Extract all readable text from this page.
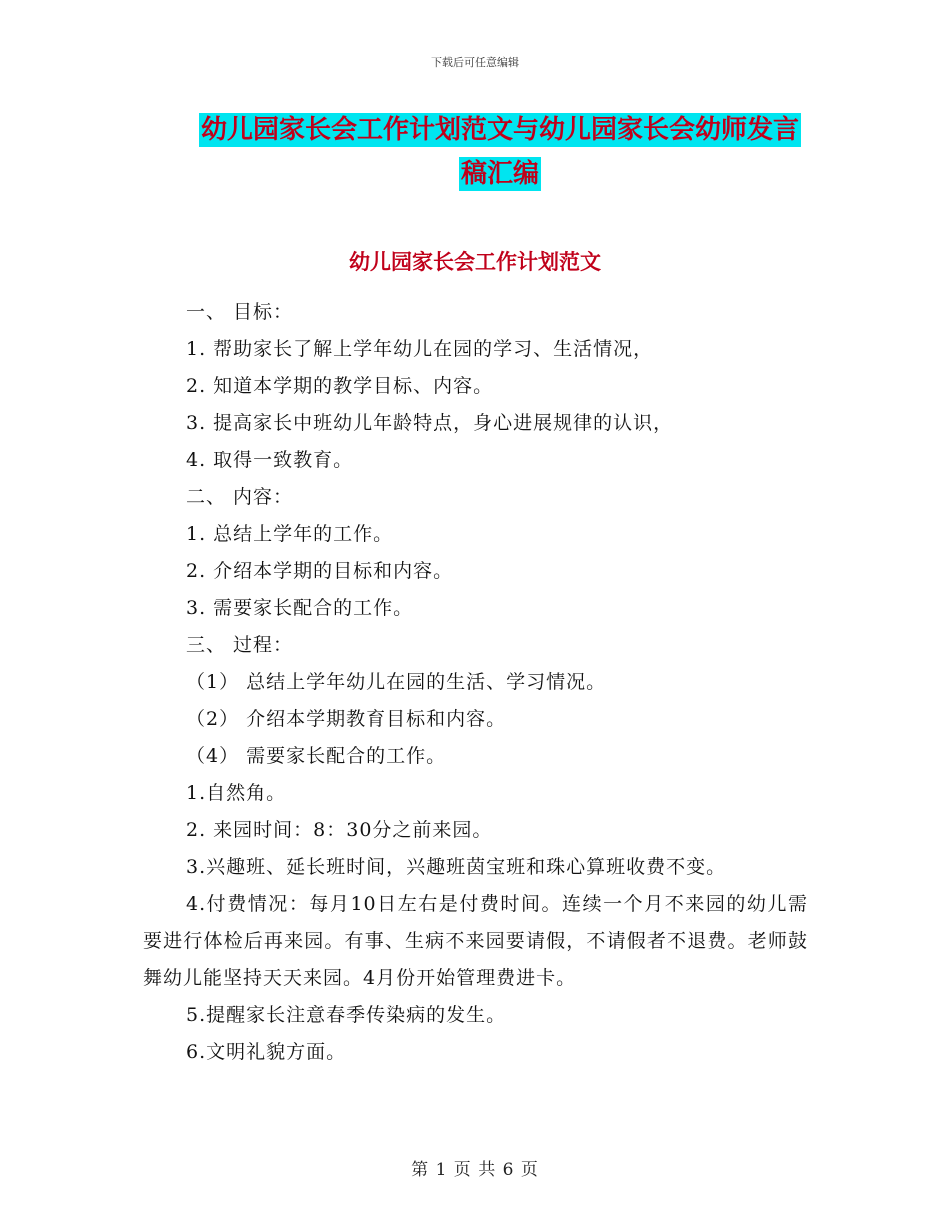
下载后可任意编辑
幼儿园家长会工作计划范文与幼儿园家长会幼师发言稿汇编
幼儿园家长会工作计划范文

一、 目标：

1. 帮助家长了解上学年幼儿在园的学习、生活情况，

2. 知道本学期的教学目标、内容。

3. 提高家长中班幼儿年龄特点，身心进展规律的认识，

4. 取得一致教育。

二、 内容：

1. 总结上学年的工作。

2. 介绍本学期的目标和内容。

3. 需要家长配合的工作。

三、 过程：

（1） 总结上学年幼儿在园的生活、学习情况。

（2） 介绍本学期教育目标和内容。

（4） 需要家长配合的工作。

1.自然角。

2. 来园时间：8：30分之前来园。

3.兴趣班、延长班时间，兴趣班茵宝班和珠心算班收费不变。

4.付费情况：每月10日左右是付费时间。连续一个月不来园的幼儿需要进行体检后再来园。有事、生病不来园要请假，不请假者不退费。老师鼓舞幼儿能坚持天天来园。4月份开始管理费进卡。

5.提醒家长注意春季传染病的发生。

6.文明礼貌方面。

第 1 页 共 6 页
